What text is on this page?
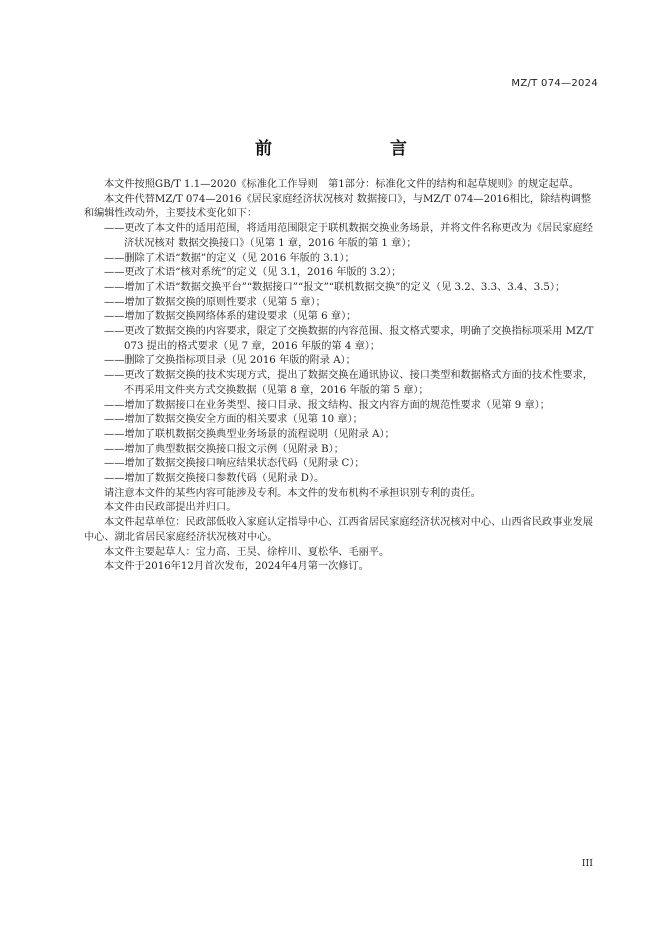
MZ/T 074—2024
前　　言

本文件按照GB/T 1.1—2020《标准化工作导则　第1部分：标准化文件的结构和起草规则》的规定起草。

本文件代替MZ/T 074—2016《居民家庭经济状况核对 数据接口》，与MZ/T 074—2016相比，除结构调整和编辑性改动外，主要技术变化如下：

——更改了本文件的适用范围，将适用范围限定于联机数据交换业务场景，并将文件名称更改为《居民家庭经济状况核对 数据交换接口》（见第 1 章，2016 年版的第 1 章）；

——删除了术语“数据”的定义（见 2016 年版的 3.1）；

——更改了术语“核对系统”的定义（见 3.1，2016 年版的 3.2）；

——增加了术语“数据交换平台”“数据接口”“报文”“联机数据交换”的定义（见 3.2、3.3、3.4、3.5）；

——增加了数据交换的原则性要求（见第 5 章）；

——增加了数据交换网络体系的建设要求（见第 6 章）；

——更改了数据交换的内容要求，限定了交换数据的内容范围、报文格式要求，明确了交换指标项采用 MZ/T 073 提出的格式要求（见 7 章，2016 年版的第 4 章）；

——删除了交换指标项目录（见 2016 年版的附录 A）；

——更改了数据交换的技术实现方式，提出了数据交换在通讯协议、接口类型和数据格式方面的技术性要求，不再采用文件夹方式交换数据（见第 8 章，2016 年版的第 5 章）；

——增加了数据接口在业务类型、接口目录、报文结构、报文内容方面的规范性要求（见第 9 章）；

——增加了数据交换安全方面的相关要求（见第 10 章）；

——增加了联机数据交换典型业务场景的流程说明（见附录 A）；

——增加了典型数据交换接口报文示例（见附录 B）；

——增加了数据交换接口响应结果状态代码（见附录 C）；

——增加了数据交换接口参数代码（见附录 D）。

请注意本文件的某些内容可能涉及专利。本文件的发布机构不承担识别专利的责任。

本文件由民政部提出并归口。

本文件起草单位：民政部低收入家庭认定指导中心、江西省居民家庭经济状况核对中心、山西省民政事业发展中心、湖北省居民家庭经济状况核对中心。

本文件主要起草人：宝力高、王昊、徐梓川、夏松华、毛丽平。

本文件于2016年12月首次发布，2024年4月第一次修订。

III
